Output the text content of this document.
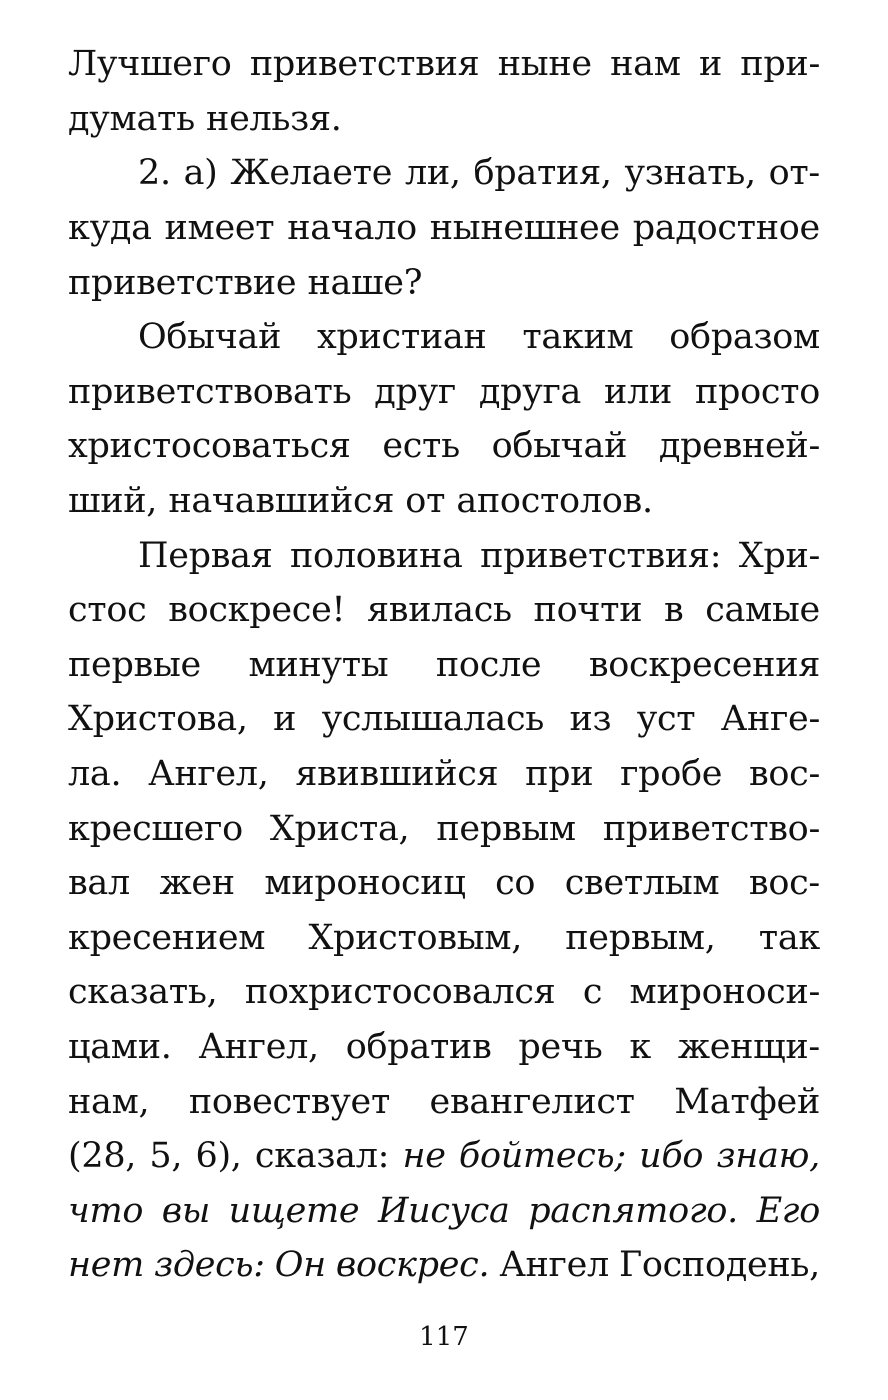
Лучшего приветствия ныне нам и при-
думать нельзя.
2. а) Желаете ли, братия, узнать, от-
куда имеет начало нынешнее радостное
приветствие наше?
Обычай христиан таким образом
приветствовать друг друга или просто
христосоваться есть обычай древней-
ший, начавшийся от апостолов.
Первая половина приветствия: Хри-
стос воскресе! явилась почти в самые
первые минуты после воскресения
Христова, и услышалась из уст Анге-
ла. Ангел, явившийся при гробе вос-
кресшего Христа, первым приветство-
вал жен мироносиц со светлым вос-
кресением Христовым, первым, так
сказать, похристосовался с мироноси-
цами. Ангел, обратив речь к женщи-
нам, повествует евангелист Матфей
(28, 5, 6), сказал: не бойтесь; ибо знаю,
что вы ищете Иисуса распятого. Его
нет здесь: Он воскрес. Ангел Господень,
117
